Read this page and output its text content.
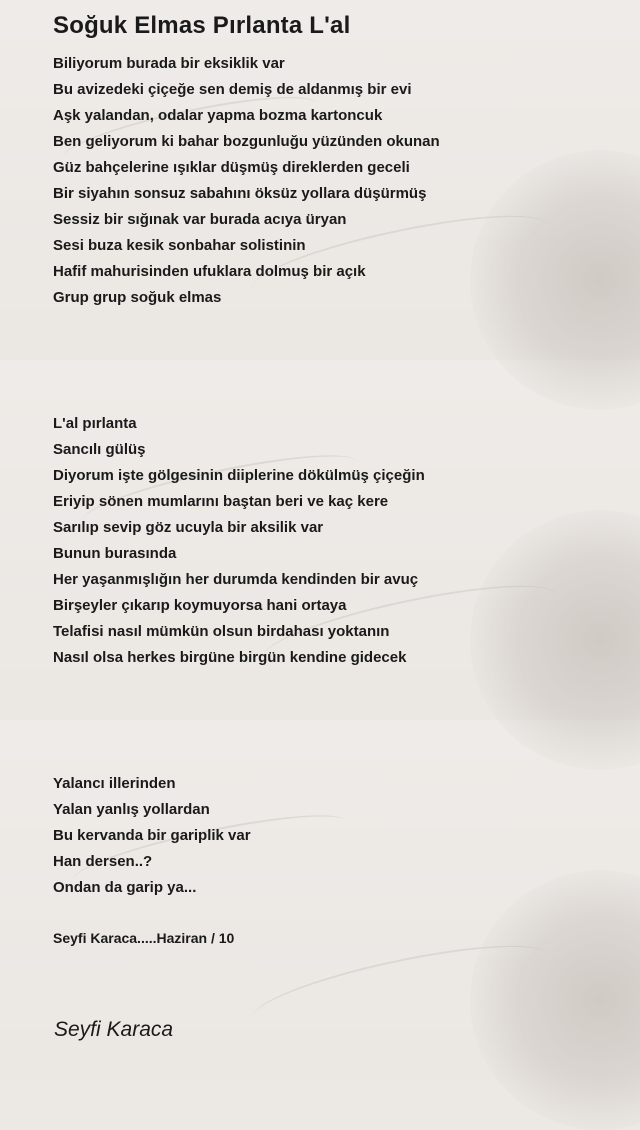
Soğuk Elmas Pırlanta L'al
Biliyorum burada bir eksiklik var
Bu avizedeki çiçeğe sen demiş de aldanmış bir evi
Aşk yalandan, odalar yapma bozma kartoncuk
Ben geliyorum ki bahar bozgunluğu yüzünden okunan
Güz bahçelerine ışıklar düşmüş direklerden geceli
Bir siyahın sonsuz sabahını öksüz yollara düşürmüş
Sessiz bir sığınak var burada acıya üryan
Sesi buza kesik sonbahar solistinin
Hafif mahurisinden ufuklara dolmuş bir açık
Grup grup soğuk elmas
L'al pırlanta
Sancılı gülüş
Diyorum işte gölgesinin diiplerine dökülmüş çiçeğin
Eriyip sönen mumlarını baştan beri ve kaç kere
Sarılıp sevip göz ucuyla bir aksilik var
Bunun burasında
Her yaşanmışlığın her durumda kendinden bir avuç
Birşeyler çıkarıp koymuyorsa hani ortaya
Telafisi nasıl mümkün olsun birdahası yoktanın
Nasıl olsa herkes birgüne birgün kendine gidecek
Yalancı illerinden
Yalan yanlış yollardan
Bu kervanda bir gariplik var
Han dersen..?
Ondan da garip ya...
Seyfi Karaca.....Haziran / 10
Seyfi Karaca
